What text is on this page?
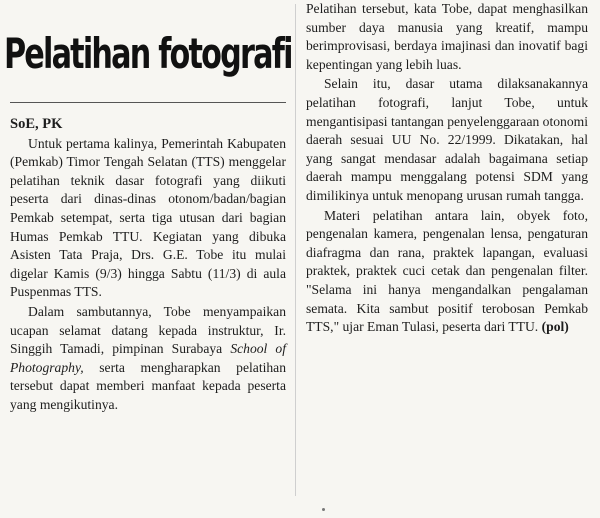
Pelatihan fotografi
SoE, PK

Untuk pertama kalinya, Pemerintah Kabupaten (Pemkab) Timor Tengah Selatan (TTS) menggelar pelatihan teknik dasar fotografi yang diikuti peserta dari dinas-dinas otonom/badan/bagian Pemkab setempat, serta tiga utusan dari bagian Humas Pemkab TTU. Kegiatan yang dibuka Asisten Tata Praja, Drs. G.E. Tobe itu mulai digelar Kamis (9/3) hingga Sabtu (11/3) di aula Puspenmas TTS.

Dalam sambutannya, Tobe menyampaikan ucapan selamat datang kepada instruktur, Ir. Singgih Tamadi, pimpinan Surabaya School of Photography, serta mengharapkan pelatihan tersebut dapat memberi manfaat kepada peserta yang mengikutinya.

Pelatihan tersebut, kata Tobe, dapat menghasilkan sumber daya manusia yang kreatif, mampu berimprovisasi, berdaya imajinasi dan inovatif bagi kepentingan yang lebih luas.

Selain itu, dasar utama dilaksanakannya pelatihan fotografi, lanjut Tobe, untuk mengantisipasi tantangan penyelenggaraan otonomi daerah sesuai UU No. 22/1999. Dikatakan, hal yang sangat mendasar adalah bagaimana setiap daerah mampu menggalang potensi SDM yang dimilikinya untuk menopang urusan rumah tangga.

Materi pelatihan antara lain, obyek foto, pengenalan kamera, pengenalan lensa, pengaturan diafragma dan rana, praktek lapangan, evaluasi praktek, praktek cuci cetak dan pengenalan filter. "Selama ini hanya mengandalkan pengalaman semata. Kita sambut positif terobosan Pemkab TTS," ujar Eman Tulasi, peserta dari TTU. (pol)
